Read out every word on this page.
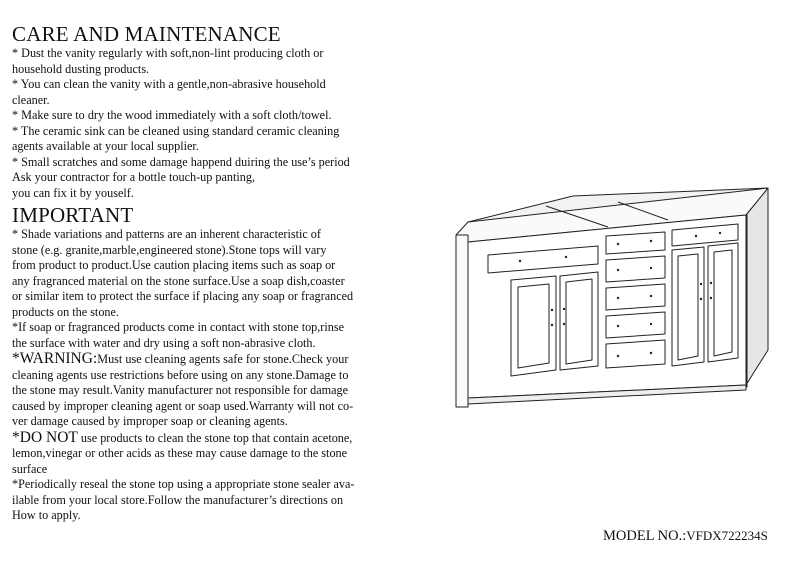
CARE AND MAINTENANCE

* Dust the vanity regularly with soft,non-lint producing cloth or
household dusting products.

* You can clean the vanity with a gentle,non-abrasive household
cleaner.

* Make sure to dry the wood immediately with a soft cloth/towel.

* The ceramic sink can be cleaned using standard ceramic cleaning
agents available at your local supplier.

* Small scratches and some damage happend duiring the use’s period
Ask your contractor for a bottle touch-up panting,
you can fix it by youself.

IMPORTANT

* Shade variations and patterns are an inherent characteristic of
stone (e.g. granite,marble,engineered stone).Stone tops will vary
from product to product.Use caution placing items such as soap or
any fragranced material on the stone surface.Use a soap dish,coaster
or similar item to protect the surface if placing any soap or fragranced
products on the stone.

*If soap or fragranced products come in contact with stone top,rinse
the surface with water and dry using a soft non-abrasive cloth.

*WARNING:Must use cleaning agents safe for stone.Check your
cleaning agents use restrictions before using on any stone.Damage to
the stone may result.Vanity manufacturer not responsible for damage
caused by improper cleaning agent or soap used.Warranty will not co-
ver damage caused by improper soap or cleaning agents.

*DO NOT use products to clean the stone top that contain acetone,
lemon,vinegar or other acids as these may cause damage to the stone
surface

*Periodically reseal the stone top using a appropriate stone sealer ava-
ilable from your local store.Follow the manufacturer’s directions on
How to apply.

MODEL NO.:VFDX722234S
